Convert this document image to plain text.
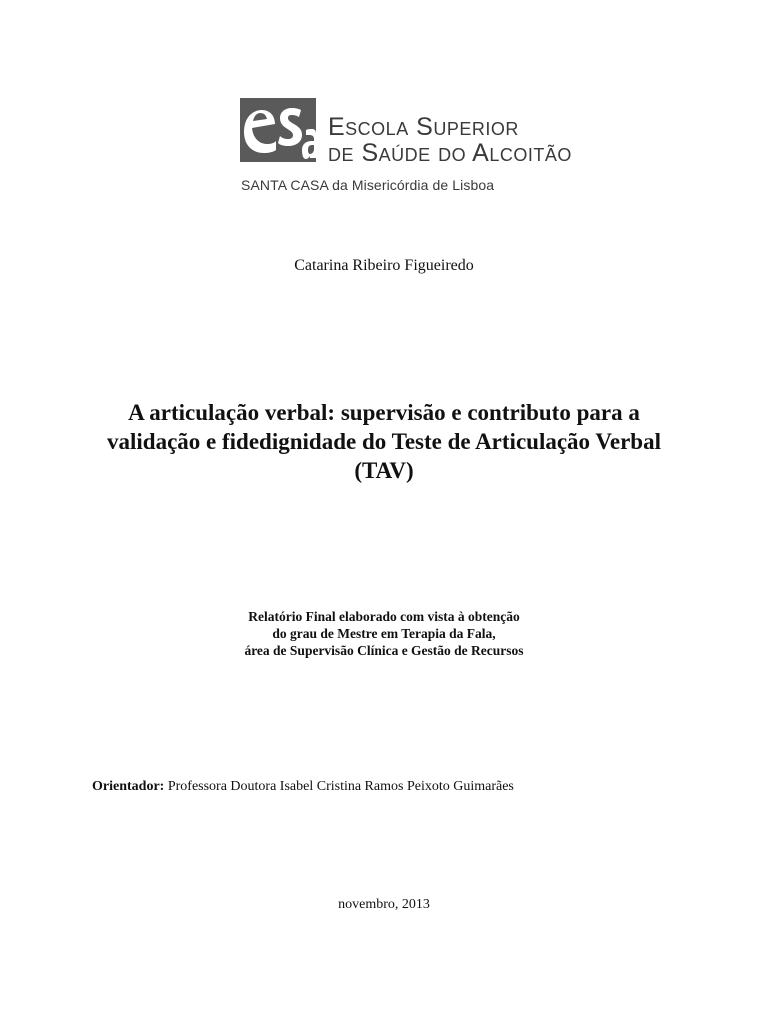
Escola Superior
de Saúde do Alcoitão
SANTA CASA da Misericórdia de Lisboa
Catarina Ribeiro Figueiredo
A articulação verbal: supervisão e contributo para a
validação e fidedignidade do Teste de Articulação Verbal
(TAV)
Relatório Final elaborado com vista à obtenção
do grau de Mestre em Terapia da Fala,
área de Supervisão Clínica e Gestão de Recursos
Orientador: Professora Doutora Isabel Cristina Ramos Peixoto Guimarães
novembro, 2013
